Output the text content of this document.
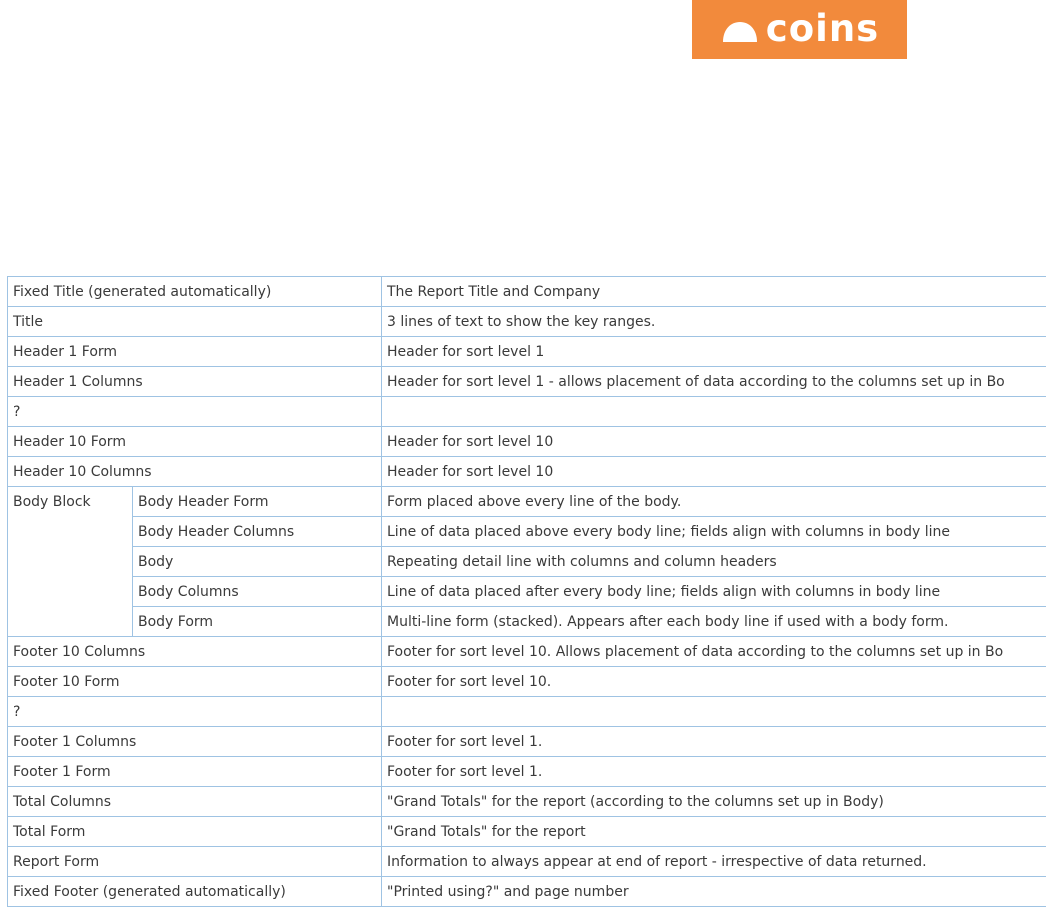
coins
Fixed Title (generated automatically)		The Report Title and Company
Title		3 lines of text to show the key ranges.
Header 1 Form		Header for sort level 1
Header 1 Columns		Header for sort level 1 - allows placement of data according to the columns set up in Bo
?		
Header 10 Form		Header for sort level 10
Header 10 Columns		Header for sort level 10
Body Block	Body Header Form	Form placed above every line of the body.
	Body Header Columns	Line of data placed above every body line; fields align with columns in body line
	Body	Repeating detail line with columns and column headers
	Body Columns	Line of data placed after every body line; fields align with columns in body line
	Body Form	Multi-line form (stacked). Appears after each body line if used with a body form.
Footer 10 Columns		Footer for sort level 10. Allows placement of data according to the columns set up in Bo
Footer 10 Form		Footer for sort level 10.
?		
Footer 1 Columns		Footer for sort level 1.
Footer 1 Form		Footer for sort level 1.
Total Columns		"Grand Totals" for the report (according to the columns set up in Body)
Total Form		"Grand Totals" for the report
Report Form		Information to always appear at end of report - irrespective of data returned.
Fixed Footer (generated automatically)		"Printed using?" and page number
